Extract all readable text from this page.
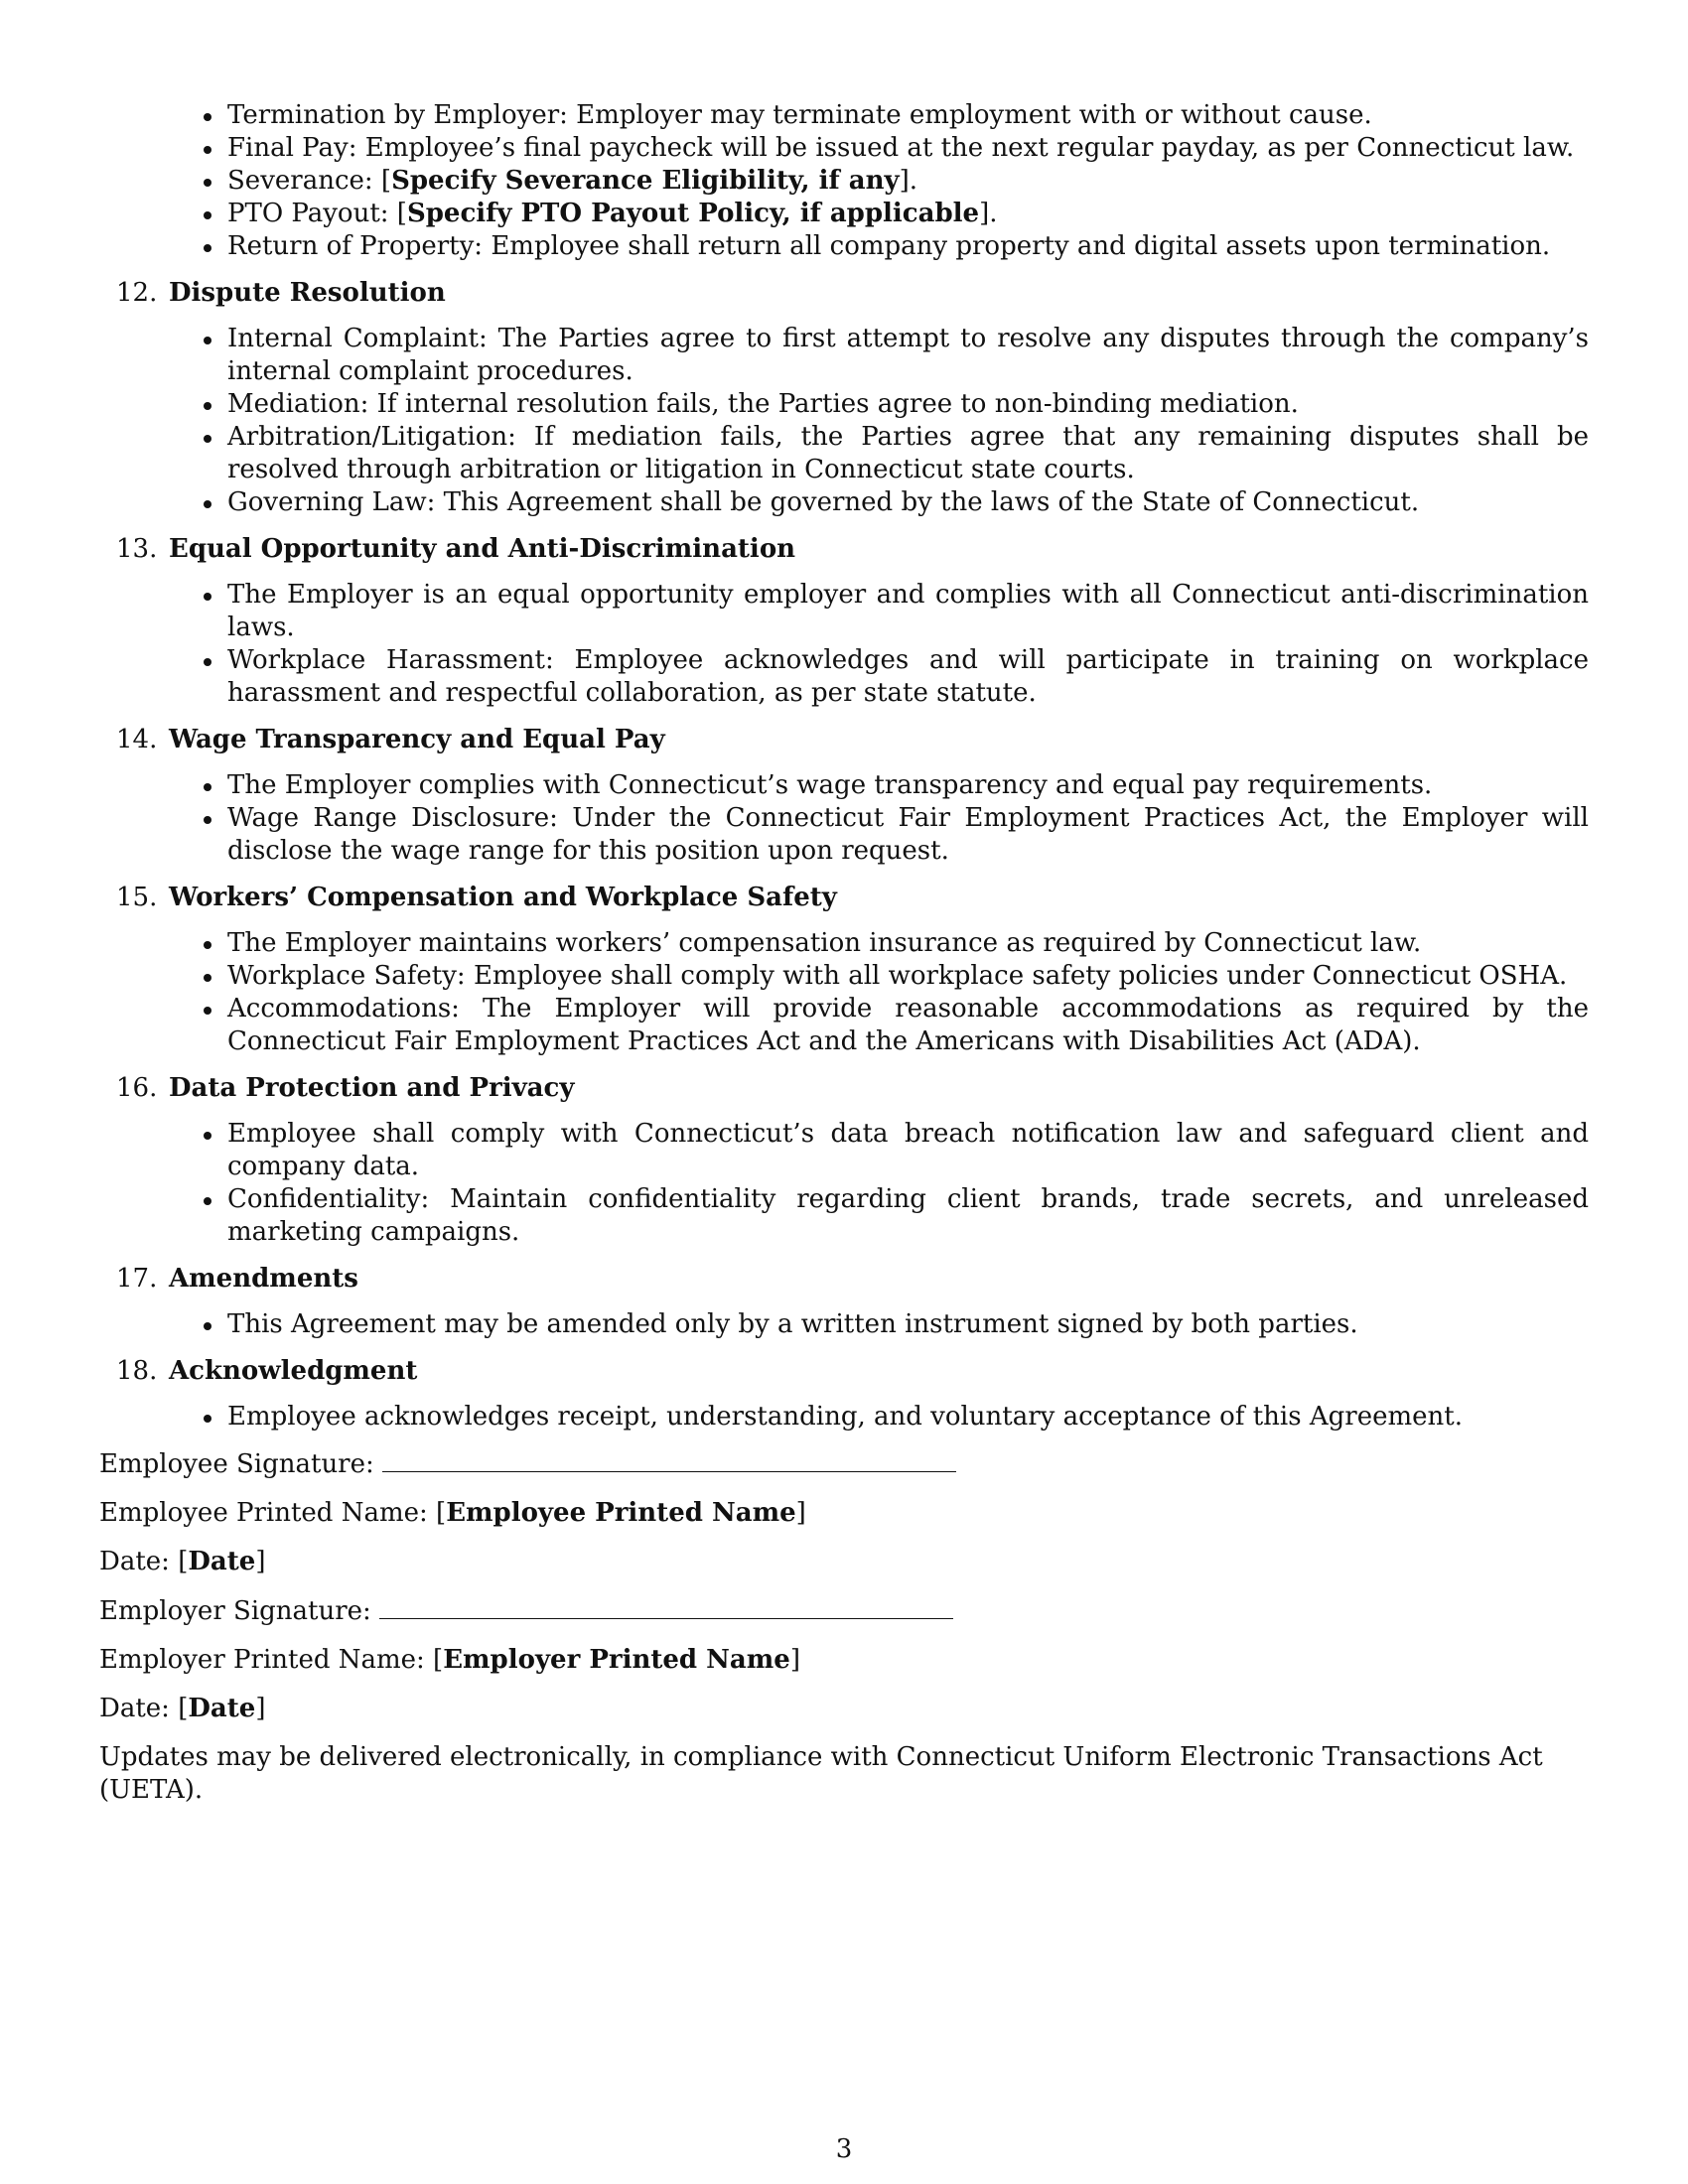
Termination by Employer: Employer may terminate employment with or without cause.
Final Pay: Employee’s final paycheck will be issued at the next regular payday, as per Connecticut law.
Severance: [Specify Severance Eligibility, if any].
PTO Payout: [Specify PTO Payout Policy, if applicable].
Return of Property: Employee shall return all company property and digital assets upon termination.
12. Dispute Resolution
Internal Complaint: The Parties agree to first attempt to resolve any disputes through the company’s internal complaint procedures.
Mediation: If internal resolution fails, the Parties agree to non-binding mediation.
Arbitration/Litigation: If mediation fails, the Parties agree that any remaining disputes shall be resolved through arbitration or litigation in Connecticut state courts.
Governing Law: This Agreement shall be governed by the laws of the State of Connecticut.
13. Equal Opportunity and Anti-Discrimination
The Employer is an equal opportunity employer and complies with all Connecticut anti-discrimination laws.
Workplace Harassment: Employee acknowledges and will participate in training on workplace harassment and respectful collaboration, as per state statute.
14. Wage Transparency and Equal Pay
The Employer complies with Connecticut’s wage transparency and equal pay requirements.
Wage Range Disclosure: Under the Connecticut Fair Employment Practices Act, the Employer will disclose the wage range for this position upon request.
15. Workers’ Compensation and Workplace Safety
The Employer maintains workers’ compensation insurance as required by Connecticut law.
Workplace Safety: Employee shall comply with all workplace safety policies under Connecticut OSHA.
Accommodations: The Employer will provide reasonable accommodations as required by the Connecticut Fair Employment Practices Act and the Americans with Disabilities Act (ADA).
16. Data Protection and Privacy
Employee shall comply with Connecticut’s data breach notification law and safeguard client and company data.
Confidentiality: Maintain confidentiality regarding client brands, trade secrets, and unreleased marketing campaigns.
17. Amendments
This Agreement may be amended only by a written instrument signed by both parties.
18. Acknowledgment
Employee acknowledges receipt, understanding, and voluntary acceptance of this Agreement.
Employee Signature:
Employee Printed Name: [Employee Printed Name]
Date: [Date]
Employer Signature:
Employer Printed Name: [Employer Printed Name]
Date: [Date]
Updates may be delivered electronically, in compliance with Connecticut Uniform Electronic Transactions Act (UETA).
3
